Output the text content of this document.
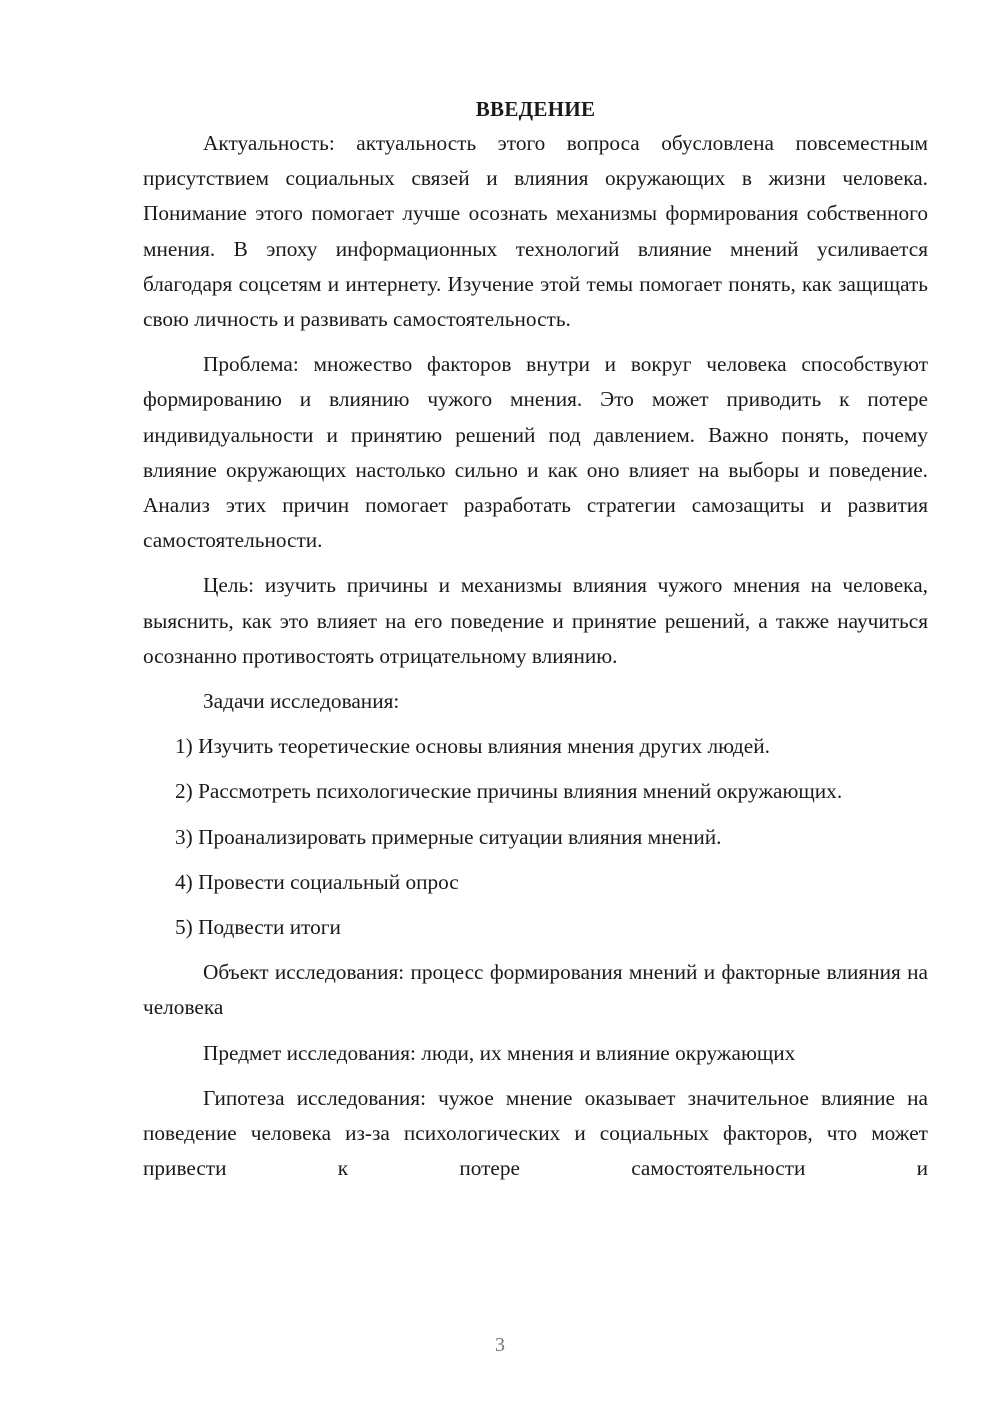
ВВЕДЕНИЕ

Актуальность: актуальность этого вопроса обусловлена повсеместным присутствием социальных связей и влияния окружающих в жизни человека. Понимание этого помогает лучше осознать механизмы формирования собственного мнения. В эпоху информационных технологий влияние мнений усиливается благодаря соцсетям и интернету. Изучение этой темы помогает понять, как защищать свою личность и развивать самостоятельность.

Проблема: множество факторов внутри и вокруг человека способствуют формированию и влиянию чужого мнения. Это может приводить к потере индивидуальности и принятию решений под давлением. Важно понять, почему влияние окружающих настолько сильно и как оно влияет на выборы и поведение. Анализ этих причин помогает разработать стратегии самозащиты и развития самостоятельности.

Цель: изучить причины и механизмы влияния чужого мнения на человека, выяснить, как это влияет на его поведение и принятие решений, а также научиться осознанно противостоять отрицательному влиянию.

Задачи исследования:

1) Изучить теоретические основы влияния мнения других людей.

2) Рассмотреть психологические причины влияния мнений окружающих.

3) Проанализировать примерные ситуации влияния мнений.

4) Провести социальный опрос

5) Подвести итоги

Объект исследования: процесс формирования мнений и факторные влияния на человека

Предмет исследования: люди, их мнения и влияние окружающих

Гипотеза исследования: чужое мнение оказывает значительное влияние на поведение человека из-за психологических и социальных факторов, что может привести к потере самостоятельности и

3
